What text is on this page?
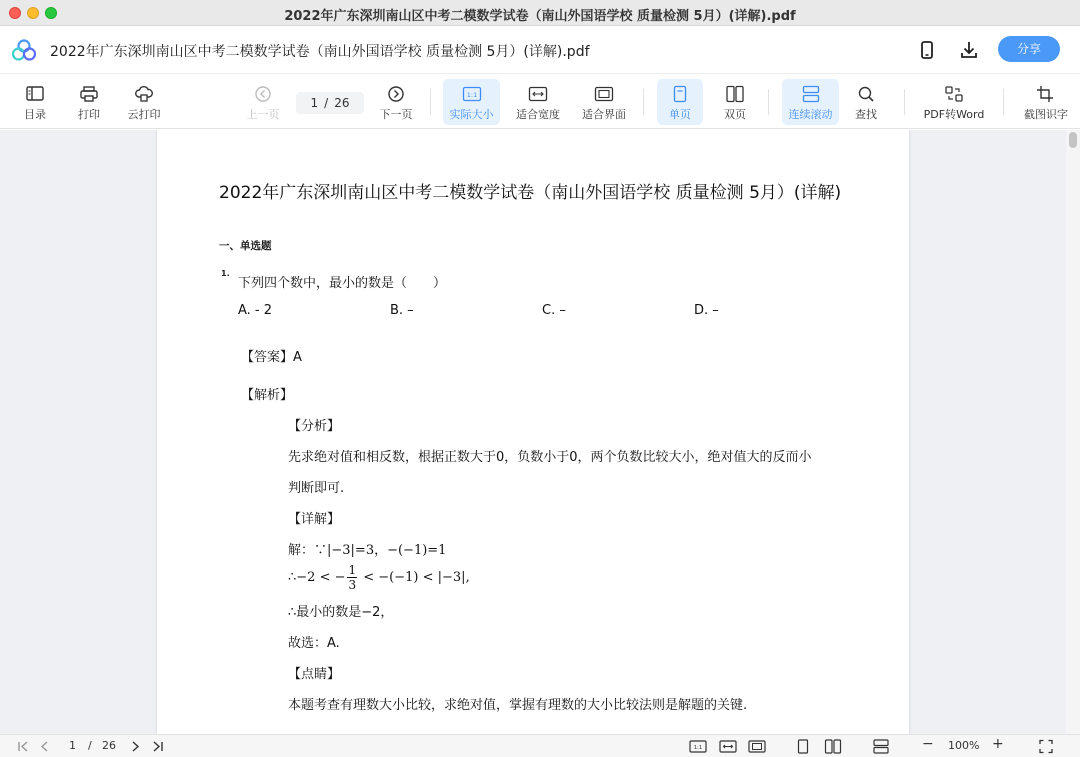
2022年广东深圳南山区中考二模数学试卷（南山外国语学校 质量检测 5月）(详解).pdf
2022年广东深圳南山区中考二模数学试卷（南山外国语学校 质量检测 5月）(详解).pdf	分享
目录	打印	云打印	上一页
1 / 26
下一页
1:1
实际大小	适合宽度	适合界面	单页	双页	连续滚动	查找	PDF转Word	截图识字
2022年广东深圳南山区中考二模数学试卷（南山外国语学校 质量检测 5月）(详解)
一、单选题
1.
下列四个数中，最小的数是（　　）
A. - 2	B. –	C. –	D. –
【答案】A
【解析】
【分析】
先求绝对值和相反数，根据正数大于0，负数小于0，两个负数比较大小，绝对值大的反而小
判断即可.
【详解】
解：∵|−3|=3，−(−1)=1
∴−2 < − $\frac{1}{3} < -(-1) < |-3|$,
∴最小的数是−2，
故选：A.
【点睛】
本题考查有理数大小比较，求绝对值，掌握有理数的大小比较法则是解题的关键.
1 / 26	1:1	− 100% +
